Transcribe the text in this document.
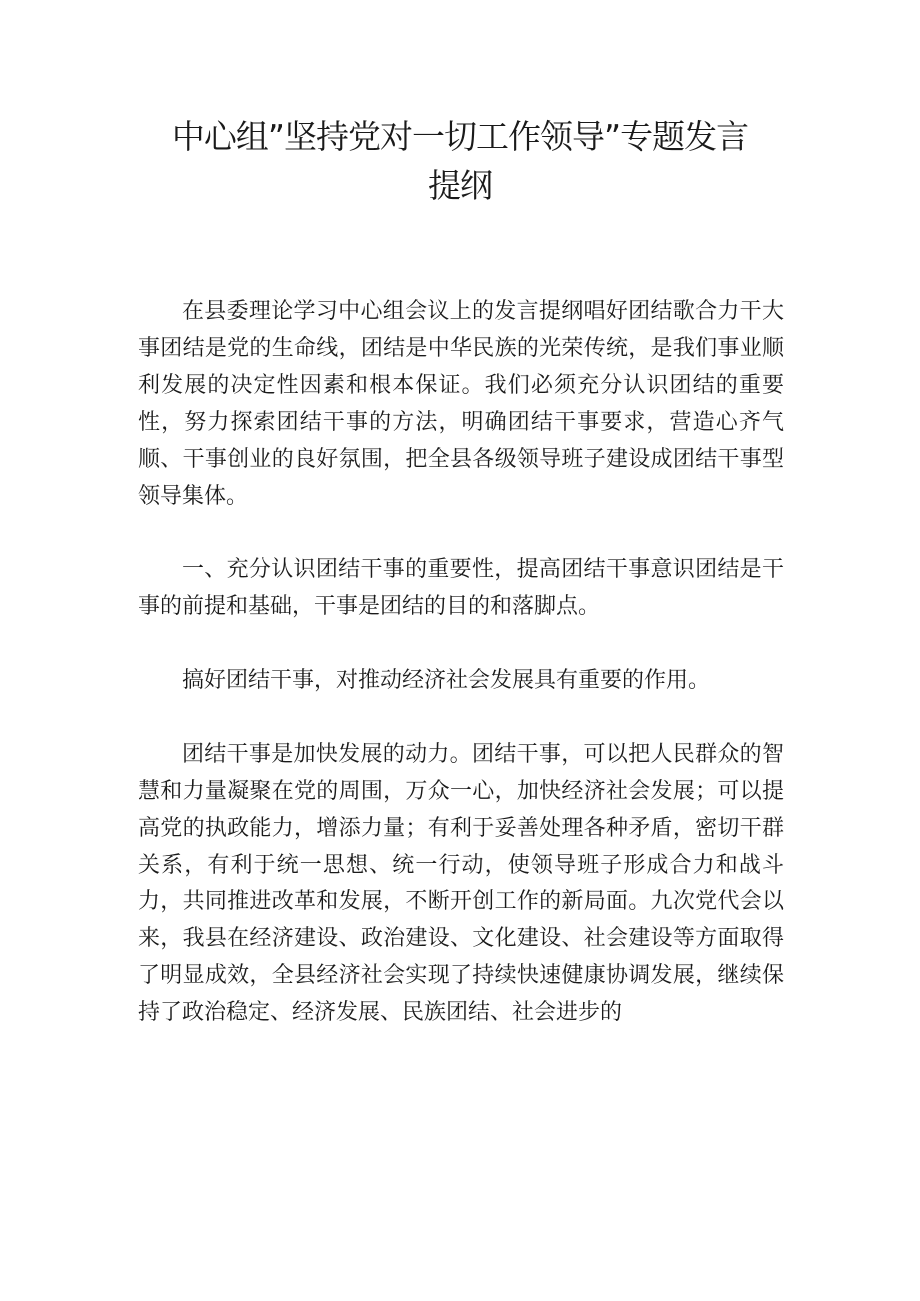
中心组”坚持党对一切工作领导”专题发言
提纲

在县委理论学习中心组会议上的发言提纲唱好团结歌合力干大事团结是党的生命线，团结是中华民族的光荣传统，是我们事业顺利发展的决定性因素和根本保证。我们必须充分认识团结的重要性，努力探索团结干事的方法，明确团结干事要求，营造心齐气顺、干事创业的良好氛围，把全县各级领导班子建设成团结干事型领导集体。

一、充分认识团结干事的重要性，提高团结干事意识团结是干事的前提和基础，干事是团结的目的和落脚点。

搞好团结干事，对推动经济社会发展具有重要的作用。

团结干事是加快发展的动力。团结干事，可以把人民群众的智慧和力量凝聚在党的周围，万众一心，加快经济社会发展；可以提高党的执政能力，增添力量；有利于妥善处理各种矛盾，密切干群关系，有利于统一思想、统一行动，使领导班子形成合力和战斗力，共同推进改革和发展，不断开创工作的新局面。九次党代会以来，我县在经济建设、政治建设、文化建设、社会建设等方面取得了明显成效，全县经济社会实现了持续快速健康协调发展，继续保持了政治稳定、经济发展、民族团结、社会进步的
